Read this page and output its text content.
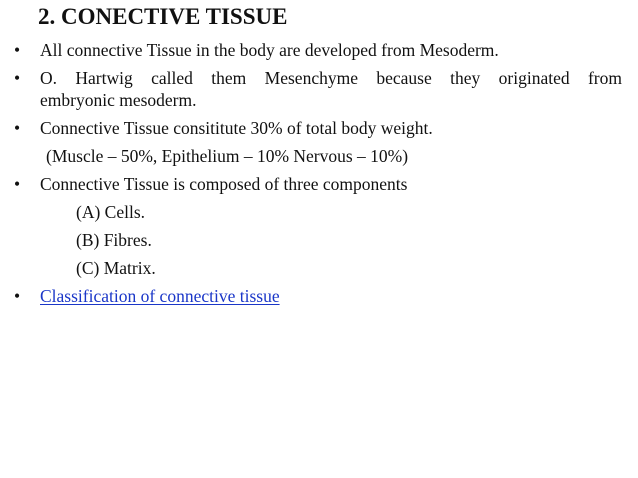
2. CONECTIVE TISSUE
• All connective Tissue in the body are developed from Mesoderm.
• O. Hartwig called them Mesenchyme because they originated from
embryonic mesoderm.
• Connective Tissue consititute 30% of total body weight.
(Muscle – 50%, Epithelium – 10% Nervous – 10%)
• Connective Tissue is composed of three components
(A) Cells.
(B) Fibres.
(C) Matrix.
• Classification of connective tissue
